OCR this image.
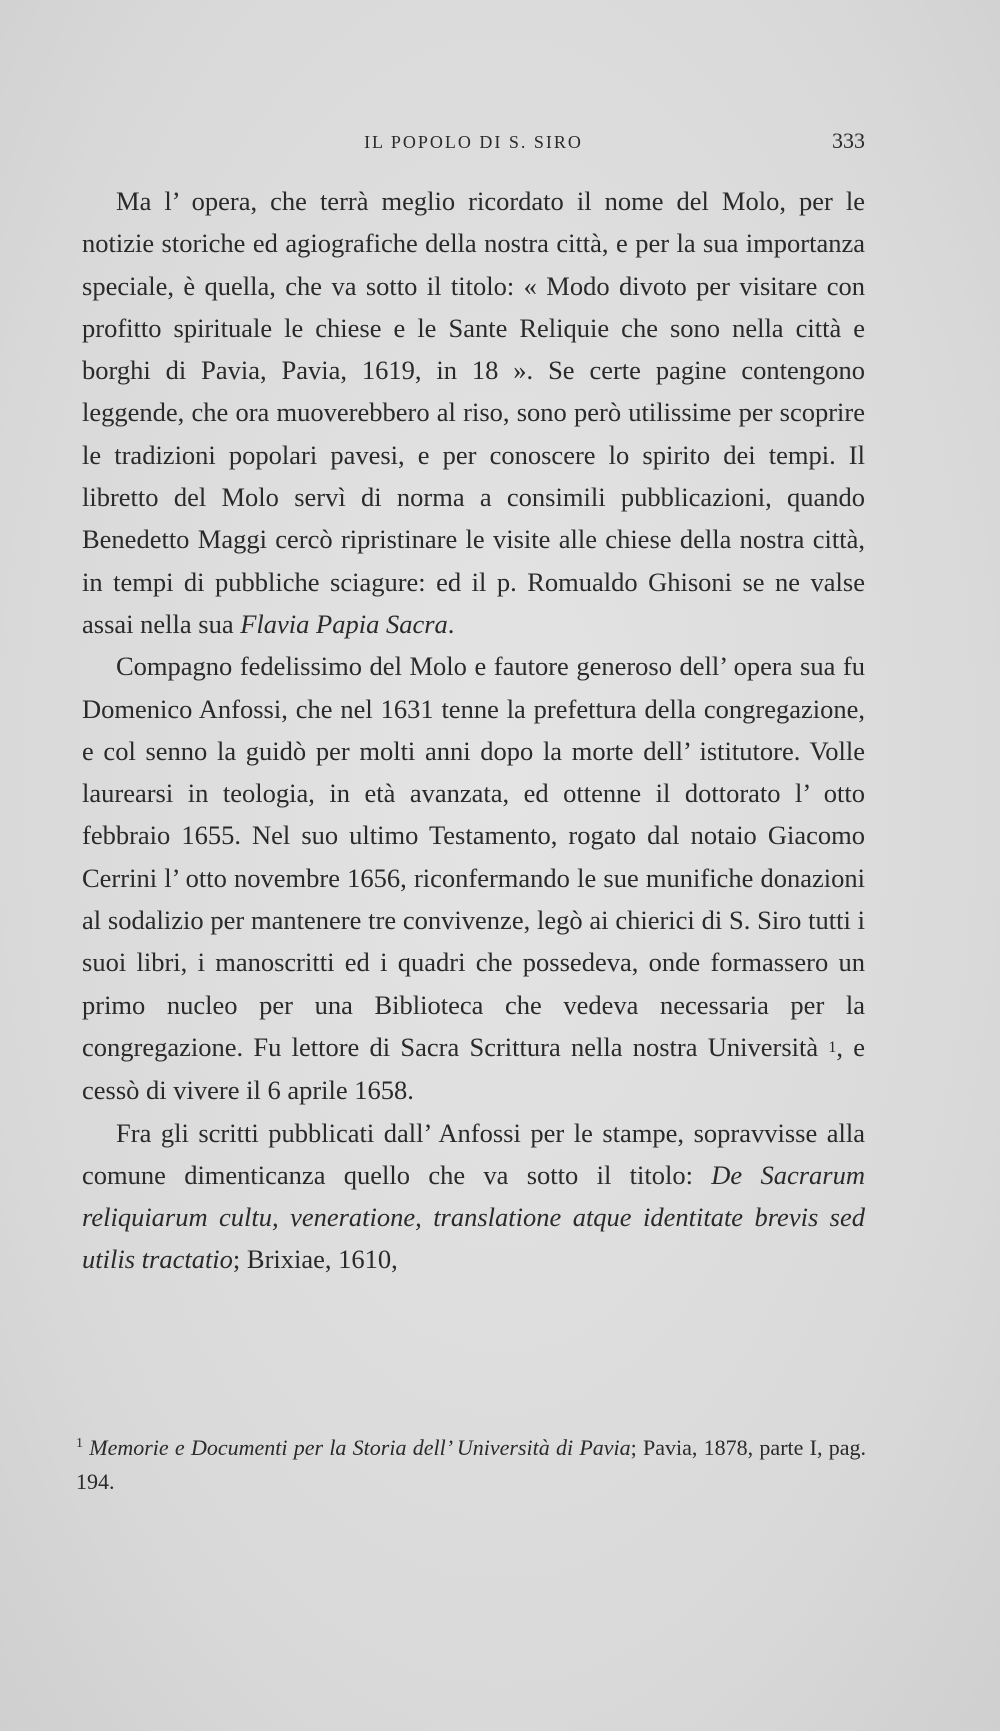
IL POPOLO DI S. SIRO	333

Ma l’ opera, che terrà meglio ricordato il nome del Molo, per le notizie storiche ed agiografiche della nostra città, e per la sua importanza speciale, è quella, che va sotto il titolo: « Modo divoto per visitare con profitto spirituale le chiese e le Sante Reliquie che sono nella città e borghi di Pavia, Pavia, 1619, in 18 ». Se certe pagine contengono leggende, che ora muoverebbero al riso, sono però utilissime per scoprire le tradizioni popolari pavesi, e per conoscere lo spirito dei tempi. Il libretto del Molo servì di norma a consimili pubblicazioni, quando Benedetto Maggi cercò ripristinare le visite alle chiese della nostra città, in tempi di pubbliche sciagure: ed il p. Romualdo Ghisoni se ne valse assai nella sua Flavia Papia Sacra.

Compagno fedelissimo del Molo e fautore generoso dell’ opera sua fu Domenico Anfossi, che nel 1631 tenne la prefettura della congregazione, e col senno la guidò per molti anni dopo la morte dell’ istitutore. Volle laurearsi in teologia, in età avanzata, ed ottenne il dottorato l’ otto febbraio 1655. Nel suo ultimo Testamento, rogato dal notaio Giacomo Cerrini l’ otto novembre 1656, riconfermando le sue munifiche donazioni al sodalizio per mantenere tre convivenze, legò ai chierici di S. Siro tutti i suoi libri, i manoscritti ed i quadri che possedeva, onde formassero un primo nucleo per una Biblioteca che vedeva necessaria per la congregazione. Fu lettore di Sacra Scrittura nella nostra Università $^1$, e cessò di vivere il 6 aprile 1658.

Fra gli scritti pubblicati dall’ Anfossi per le stampe, sopravvisse alla comune dimenticanza quello che va sotto il titolo: De Sacrarum reliquiarum cultu, veneratione, translatione atque identitate brevis sed utilis tractatio; Brixiae, 1610,

$^1$ Memorie e Documenti per la Storia dell’ Università di Pavia; Pavia, 1878, parte I, pag. 194.
